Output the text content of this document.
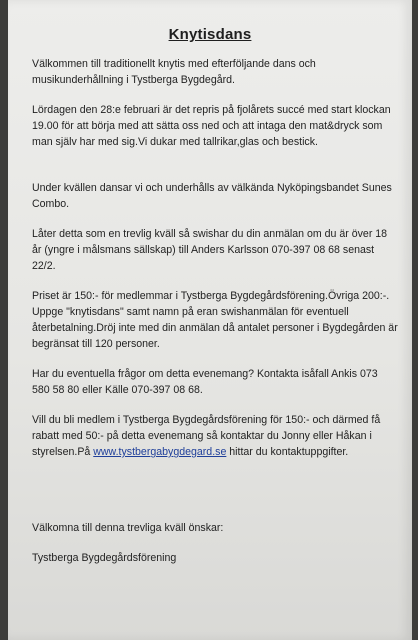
Knytisdans
Välkommen till traditionellt knytis med efterföljande dans och musikunderhållning i Tystberga Bygdegård.
Lördagen den 28:e februari är det repris på fjolårets succé med start klockan 19.00 för att börja med att sätta oss ned och att intaga den mat&dryck som man själv har med sig.Vi dukar med tallrikar,glas och bestick.
Under kvällen dansar vi och underhålls av välkända Nyköpingsbandet Sunes Combo.
Låter detta som en trevlig kväll så swishar du din anmälan om du är över 18 år (yngre i målsmans sällskap) till Anders Karlsson 070-397 08 68 senast 22/2.
Priset är 150:- för medlemmar i Tystberga Bygdegårdsförening.Övriga 200:-. Uppge "knytisdans" samt namn på eran swishanmälan för eventuell återbetalning.Dröj inte med din anmälan då antalet personer i Bygdegården är begränsat till 120 personer.
Har du eventuella frågor om detta evenemang? Kontakta isåfall Ankis 073 580 58 80 eller Källe 070-397 08 68.
Vill du bli medlem i Tystberga Bygdegårdsförening för 150:- och därmed få rabatt med 50:- på detta evenemang så kontaktar du Jonny eller Håkan i styrelsen.På www.tystbergabygdegard.se hittar du kontaktuppgifter.
Välkomna till denna trevliga kväll önskar:
Tystberga Bygdegårdsförening
